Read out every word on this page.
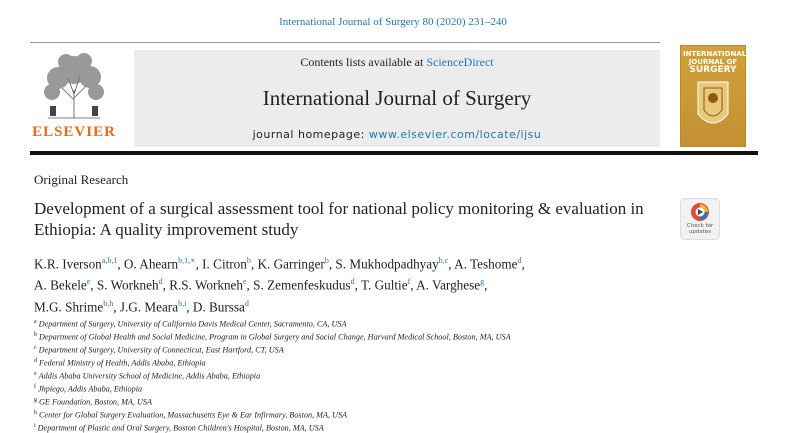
International Journal of Surgery 80 (2020) 231–240
ELSEVIER
Contents lists available at ScienceDirect
International Journal of Surgery
journal homepage: www.elsevier.com/locate/ijsu
INTERNATIONAL
JOURNAL OF
SURGERY
Original Research
Development of a surgical assessment tool for national policy monitoring & evaluation in Ethiopia: A quality improvement study	Check for updates
K.R. Iverson$^{a,b,1}$, O. Ahearn$^{b,1,∗}$, I. Citron$^b$, K. Garringer$^b$, S. Mukhodpadhyay$^{b,c}$, A. Teshome$^d$,
A. Bekele$^e$, S. Workneh$^d$, R.S. Workneh$^e$, S. Zemenfeskudus$^d$, T. Gultie$^f$, A. Varghese$^g$,
M.G. Shrime$^{b,h}$, J.G. Meara$^{b,i}$, D. Burssa$^d$
$^a$ Department of Surgery, University of California Davis Medical Center, Sacramento, CA, USA
$^b$ Department of Global Health and Social Medicine, Program in Global Surgery and Social Change, Harvard Medical School, Boston, MA, USA
$^c$ Department of Surgery, University of Connecticut, East Hartford, CT, USA
$^d$ Federal Ministry of Health, Addis Ababa, Ethiopia
$^e$ Addis Ababa University School of Medicine, Addis Ababa, Ethiopia
$^f$ Jhpiego, Addis Ababa, Ethiopia
$^g$ GE Foundation, Boston, MA, USA
$^h$ Center for Global Surgery Evaluation, Massachusetts Eye & Ear Infirmary, Boston, MA, USA
$^i$ Department of Plastic and Oral Surgery, Boston Children's Hospital, Boston, MA, USA
